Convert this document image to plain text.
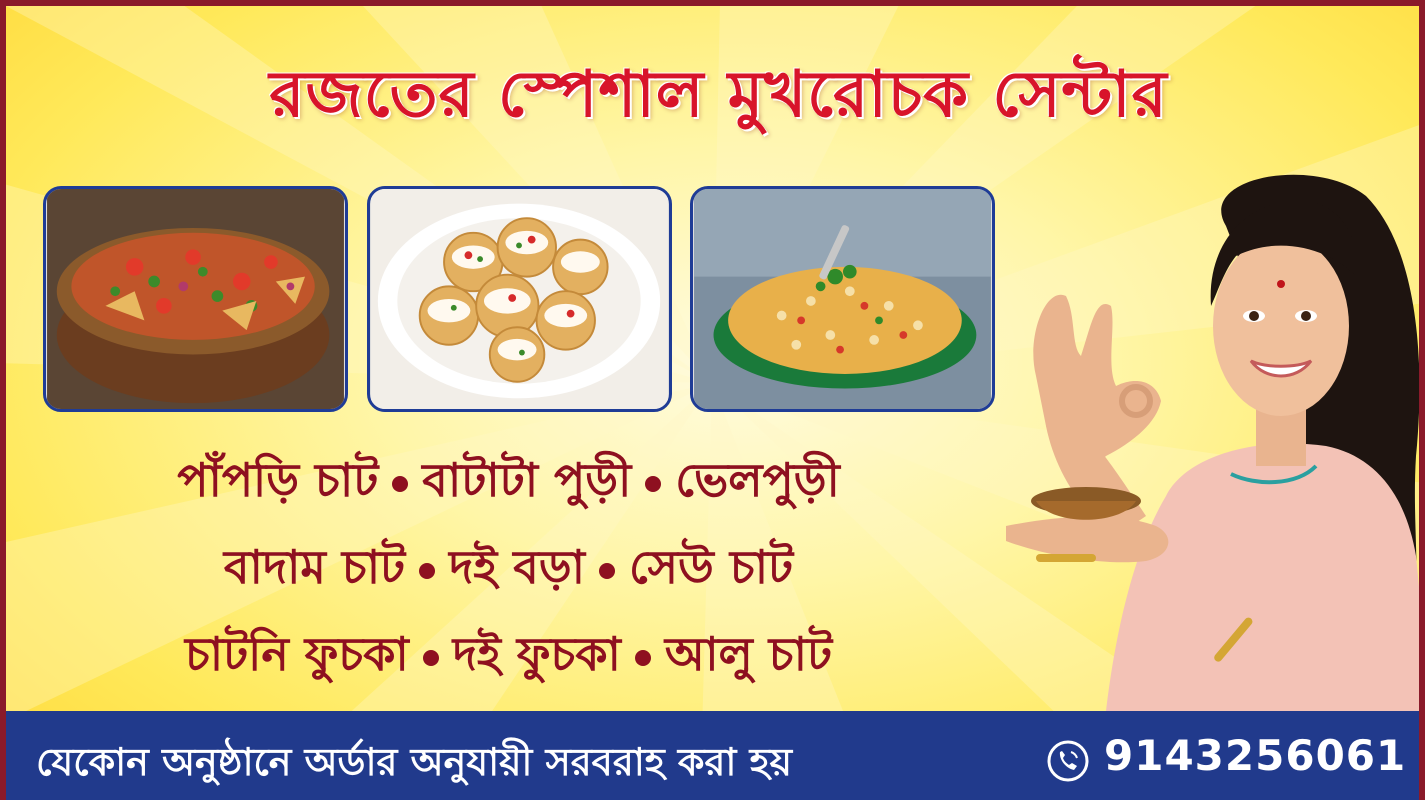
রজতের স্পেশাল মুখরোচক সেন্টার
পাঁপড়ি চাট বাটাটা পুড়ী ভেলপুড়ী
বাদাম চাট দই বড়া সেউ চাট
চাটনি ফুচকা দই ফুচকা আলু চাট
যেকোন অনুষ্ঠানে অর্ডার অনুযায়ী সরবরাহ করা হয়	9143256061
